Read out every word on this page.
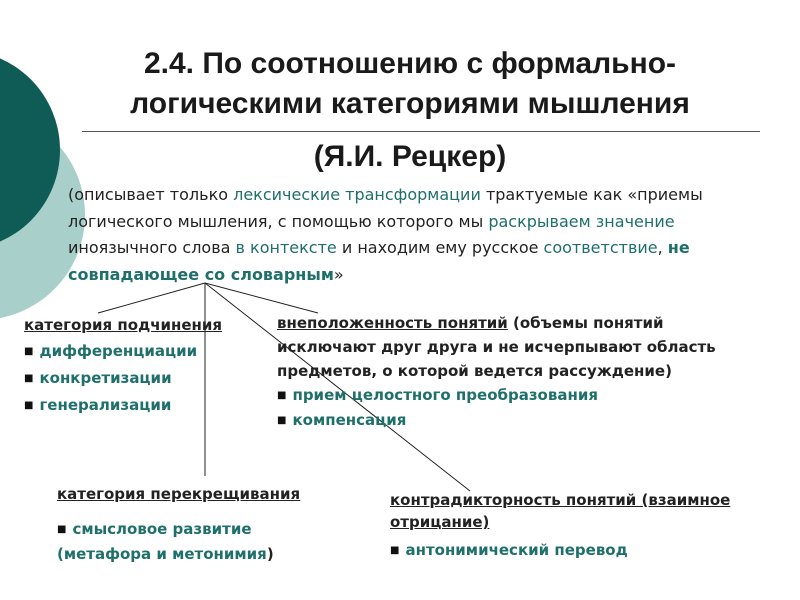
2.4. По соотношению с формально-
логическими категориями мышления
(Я.И. Рецкер)
(описывает только лексические трансформации трактуемые как «приемы логического мышления, с помощью которого мы раскрываем значение иноязычного слова в контексте и находим ему русское соответствие, не совпадающее со словарным»
категория подчинения
■ дифференциации
■ конкретизации
■ генерализации
внеположенность понятий (объемы понятий исключают друг друга и не исчерпывают область предметов, о которой ведется рассуждение)
■ прием целостного преобразования
■ компенсация
категория перекрещивания
■ смысловое развитие
(метафора и метонимия)
контрадикторность понятий (взаимное отрицание)
■ антонимический перевод
